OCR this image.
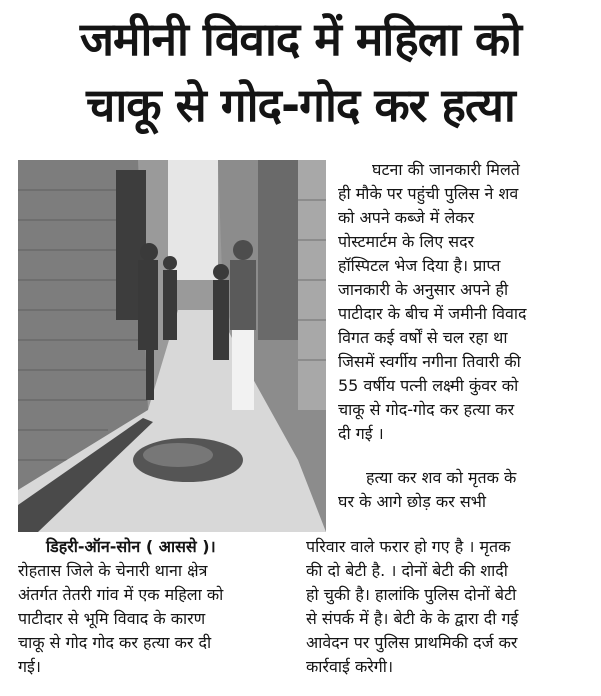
जमीनी विवाद में महिला को
चाकू से गोद-गोद कर हत्या
डिहरी-ऑन-सोन ( आससे )।
रोहतास जिले के चेनारी थाना क्षेत्र
अंतर्गत तेतरी गांव में एक महिला को
पाटीदार से भूमि विवाद के कारण
चाकू से गोद गोद कर हत्या कर दी
गई।
घटना की जानकारी मिलते
ही मौके पर पहुंची पुलिस ने शव
को अपने कब्जे में लेकर
पोस्टमार्टम के लिए सदर
हॉस्पिटल भेज दिया है। प्राप्त
जानकारी के अनुसार अपने ही
पाटीदार के बीच में जमीनी विवाद
विगत कई वर्षों से चल रहा था
जिसमें स्वर्गीय नगीना तिवारी की
55 वर्षीय पत्नी लक्ष्मी कुंवर को
चाकू से गोद-गोद कर हत्या कर
दी गई ।
हत्या कर शव को मृतक के
घर के आगे छोड़ कर सभी
परिवार वाले फरार हो गए है । मृतक
की दो बेटी है. । दोनों बेटी की शादी
हो चुकी है। हालांकि पुलिस दोनों बेटी
से संपर्क में है। बेटी के के द्वारा दी गई
आवेदन पर पुलिस प्राथमिकी दर्ज कर
कार्रवाई करेगी।
